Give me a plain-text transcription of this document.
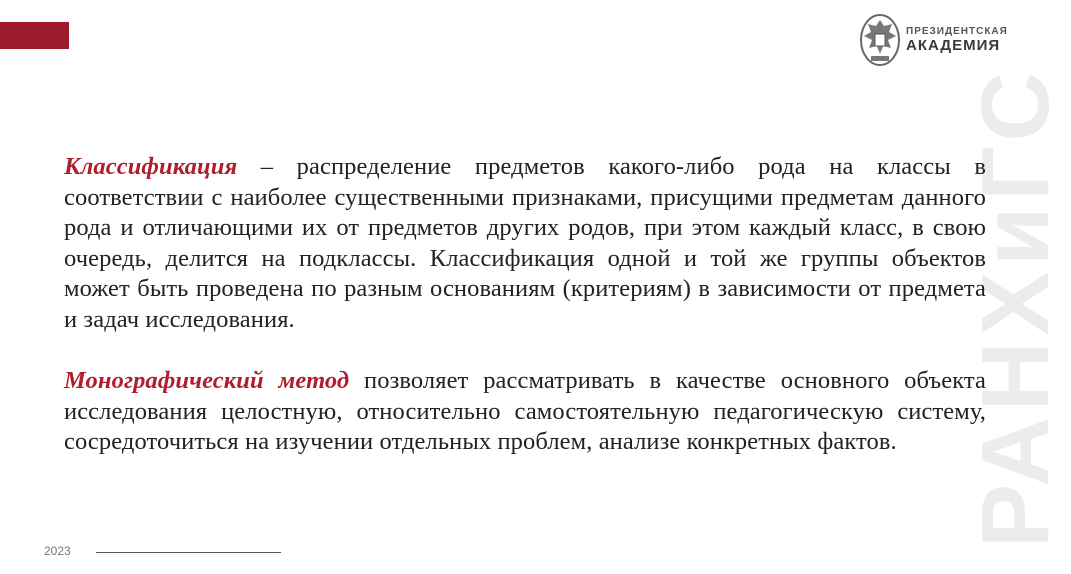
ПРЕЗИДЕНТСКАЯ
АКАДЕМИЯ
РАНХиГС

Классификация – распределение предметов какого-либо рода на классы в соответствии с наиболее существенными признаками, присущими предметам данного рода и отличающими их от предметов других родов, при этом каждый класс, в свою очередь, делится на подклассы. Классификация одной и той же группы объектов может быть проведена по разным основаниям (критериям) в зависимости от предмета и задач исследования.

Монографический метод позволяет рассматривать в качестве основного объекта исследования целостную, относительно самостоятельную педагогическую систему, сосредоточиться на изучении отдельных проблем, анализе конкретных фактов.

2023
